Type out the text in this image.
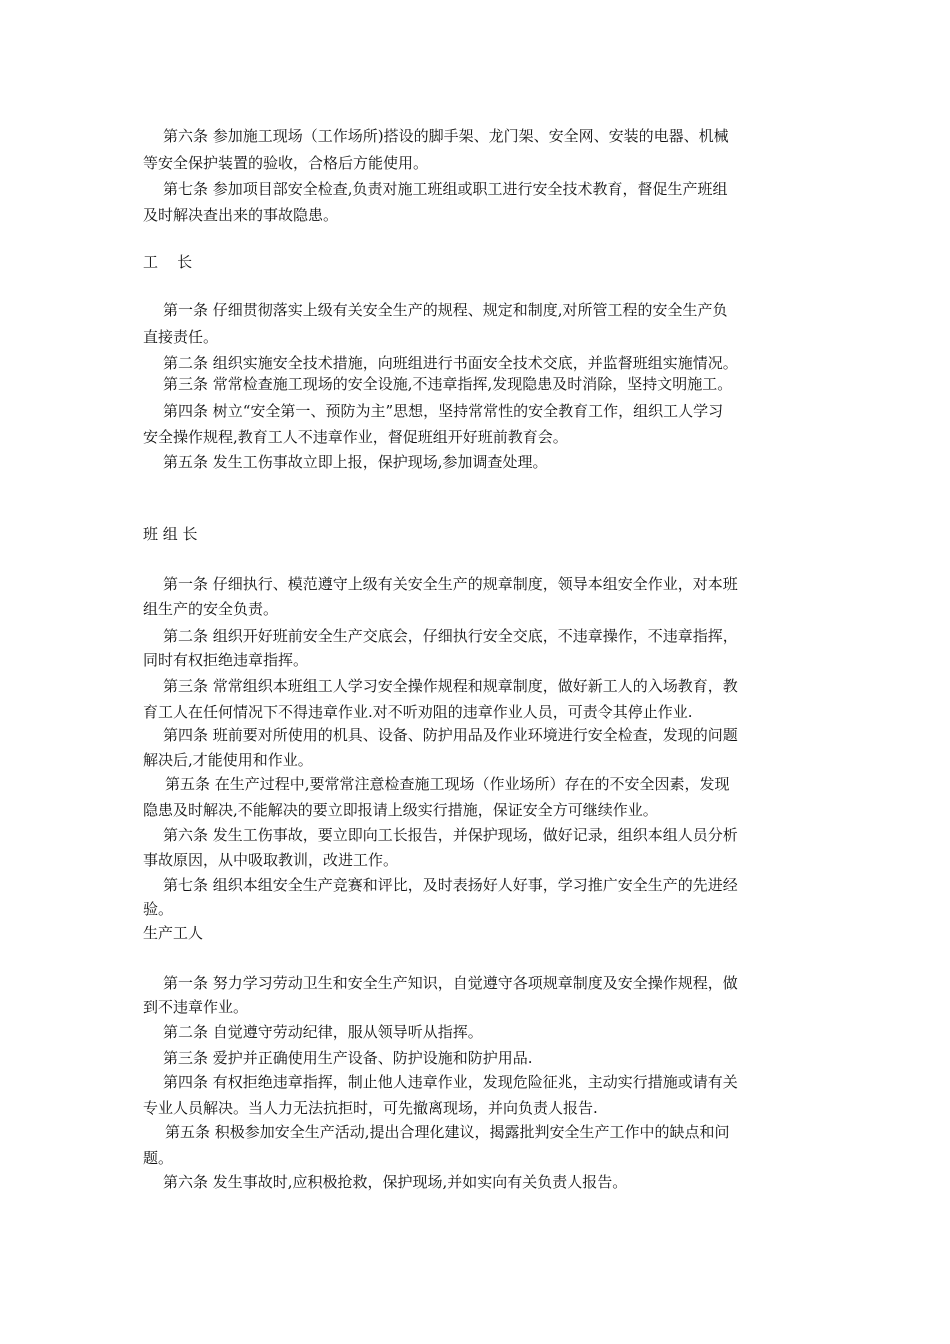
第六条 参加施工现场（工作场所)搭设的脚手架、龙门架、安全网、安装的电器、机械
等安全保护装置的验收，合格后方能使用。
第七条 参加项目部安全检查,负责对施工班组或职工进行安全技术教育，督促生产班组
及时解决查出来的事故隐患。
工    长
第一条 仔细贯彻落实上级有关安全生产的规程、规定和制度,对所管工程的安全生产负
直接责任。
第二条 组织实施安全技术措施，向班组进行书面安全技术交底，并监督班组实施情况。
第三条 常常检查施工现场的安全设施,不违章指挥,发现隐患及时消除，坚持文明施工。
第四条 树立“安全第一、预防为主”思想，坚持常常性的安全教育工作，组织工人学习
安全操作规程,教育工人不违章作业，督促班组开好班前教育会。
第五条 发生工伤事故立即上报，保护现场,参加调查处理。
班 组 长
第一条 仔细执行、模范遵守上级有关安全生产的规章制度，领导本组安全作业，对本班
组生产的安全负责。
第二条 组织开好班前安全生产交底会，仔细执行安全交底，不违章操作，不违章指挥，
同时有权拒绝违章指挥。
第三条 常常组织本班组工人学习安全操作规程和规章制度，做好新工人的入场教育，教
育工人在任何情况下不得违章作业.对不听劝阻的违章作业人员，可责令其停止作业.
第四条 班前要对所使用的机具、设备、防护用品及作业环境进行安全检查，发现的问题
解决后,才能使用和作业。
第五条 在生产过程中,要常常注意检查施工现场（作业场所）存在的不安全因素，发现
隐患及时解决,不能解决的要立即报请上级实行措施，保证安全方可继续作业。
第六条 发生工伤事故，要立即向工长报告，并保护现场，做好记录，组织本组人员分析
事故原因，从中吸取教训，改进工作。
第七条 组织本组安全生产竞赛和评比，及时表扬好人好事，学习推广安全生产的先进经
验。
生产工人
第一条 努力学习劳动卫生和安全生产知识，自觉遵守各项规章制度及安全操作规程，做
到不违章作业。
第二条 自觉遵守劳动纪律，服从领导听从指挥。
第三条 爱护并正确使用生产设备、防护设施和防护用品.
第四条 有权拒绝违章指挥，制止他人违章作业，发现危险征兆，主动实行措施或请有关
专业人员解决。当人力无法抗拒时，可先撤离现场，并向负责人报告.
第五条 积极参加安全生产活动,提出合理化建议，揭露批判安全生产工作中的缺点和问
题。
第六条 发生事故时,应积极抢救，保护现场,并如实向有关负责人报告。
